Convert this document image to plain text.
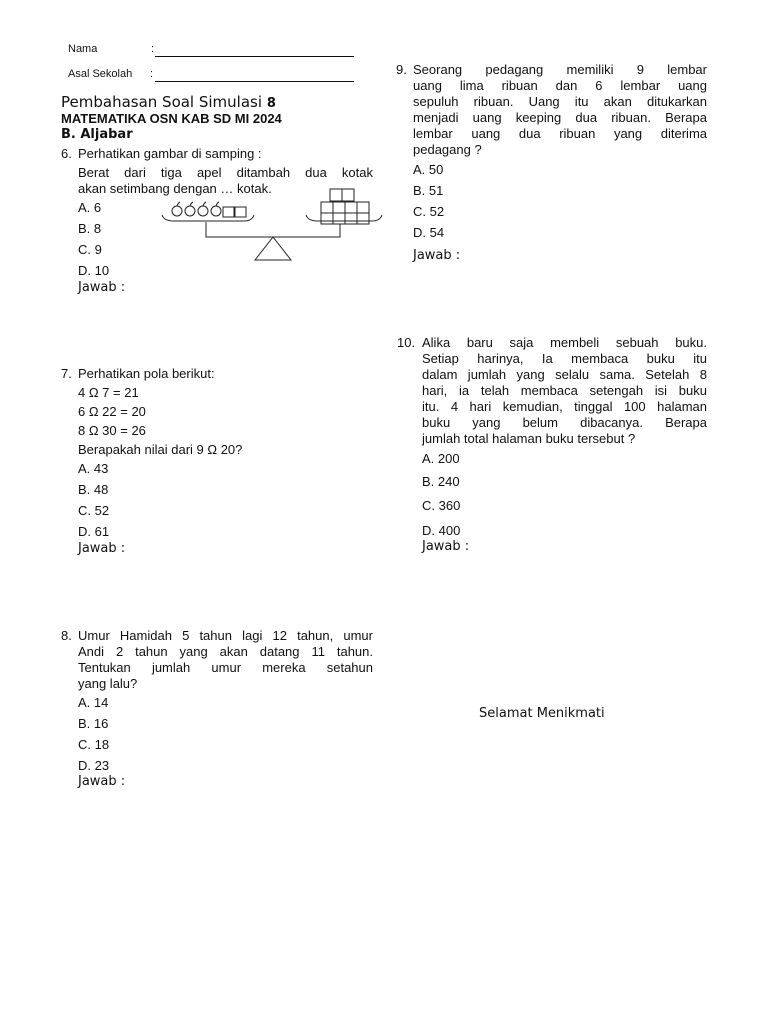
Nama	:
Asal Sekolah :
Pembahasan Soal Simulasi 8
MATEMATIKA OSN KAB SD MI 2024
B. Aljabar
6. Perhatikan gambar di samping :
Berat dari tiga apel ditambah dua kotak
akan setimbang dengan … kotak.
A. 6
B. 8
C. 9
D. 10
Jawab :
7. Perhatikan pola berikut:
4 Ω 7 = 21
6 Ω 22 = 20
8 Ω 30 = 26
Berapakah nilai dari 9 Ω 20?
A. 43
B. 48
C. 52
D. 61
Jawab :
8. Umur Hamidah 5 tahun lagi 12 tahun, umur
Andi 2 tahun yang akan datang 11 tahun.
Tentukan jumlah umur mereka setahun
yang lalu?
A. 14
B. 16
C. 18
D. 23
Jawab :
9. Seorang pedagang memiliki 9 lembar
uang lima ribuan dan 6 lembar uang
sepuluh ribuan. Uang itu akan ditukarkan
menjadi uang keeping dua ribuan. Berapa
lembar uang dua ribuan yang diterima
pedagang ?
A. 50
B. 51
C. 52
D. 54
Jawab :
10. Alika baru saja membeli sebuah buku.
Setiap harinya, Ia membaca buku itu
dalam jumlah yang selalu sama. Setelah 8
hari, ia telah membaca setengah isi buku
itu. 4 hari kemudian, tinggal 100 halaman
buku yang belum dibacanya. Berapa
jumlah total halaman buku tersebut ?
A. 200
B. 240
C. 360
D. 400
Jawab :
Selamat Menikmati
